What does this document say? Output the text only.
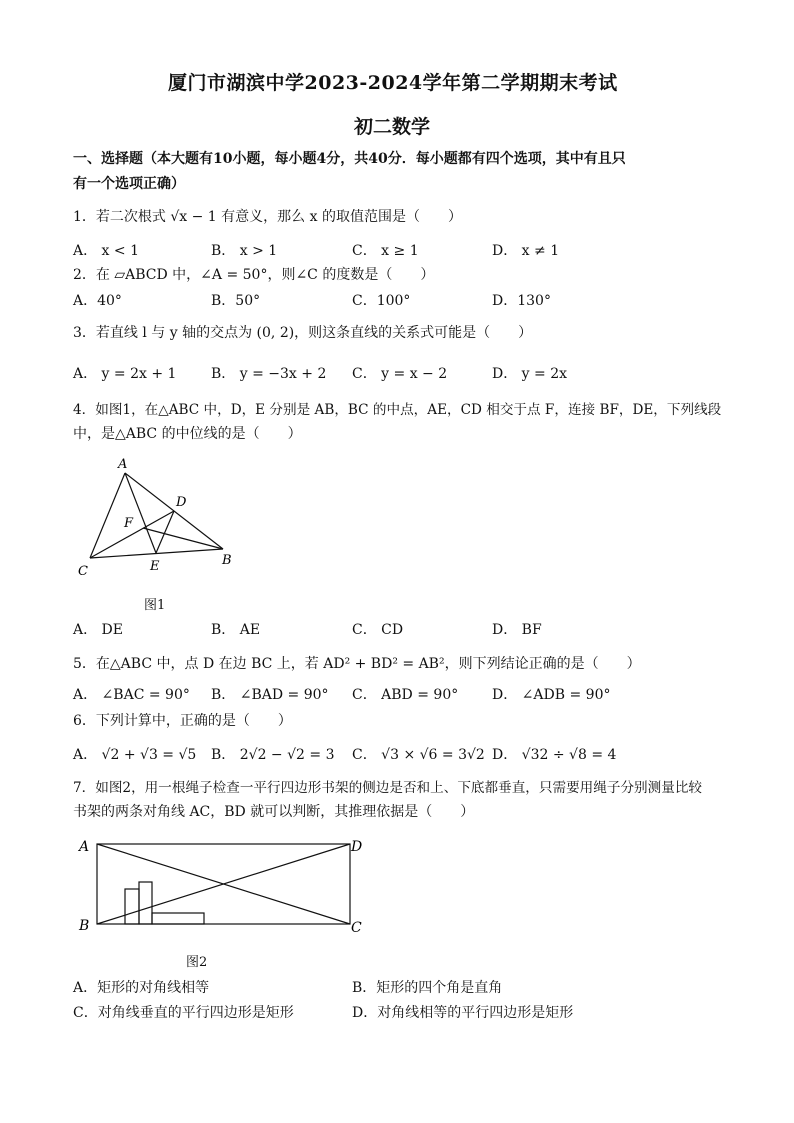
厦门市湖滨中学2023-2024学年第二学期期末考试
初二数学
一、选择题（本大题有10小题，每小题4分，共40分．每小题都有四个选项，其中有且只
有一个选项正确）
1．若二次根式 √x − 1 有意义，那么 x 的取值范围是（　　）
A． x < 1	B． x > 1	C． x ≥ 1	D． x ≠ 1
2．在 ▱ABCD 中，∠A = 50°，则∠C 的度数是（　　）
A．40°	B．50°	C．100°	D．130°
3．若直线 l 与 y 轴的交点为 (0, 2)，则这条直线的关系式可能是（　　）
A． y = 2x + 1 B． y = −3x + 2 C． y = x − 2	D． y = 2x
4．如图1，在△ABC 中，D，E 分别是 AB，BC 的中点，AE，CD 相交于点 F，连接 BF，DE，下列线段
中，是△ABC 的中位线的是（　　）
A
D
F
C	E	B
图1
A． DE	B． AE	C． CD	D． BF
5．在△ABC 中，点 D 在边 BC 上，若 AD² + BD² = AB²，则下列结论正确的是（　　）
A． ∠BAC = 90° B． ∠BAD = 90° C． ABD = 90° D． ∠ADB = 90°
6．下列计算中，正确的是（　　）
A． √2 + √3 = √5 B． 2√2 − √2 = 3 C． √3 × √6 = 3√2 D． √32 ÷ √8 = 4
7．如图2，用一根绳子检查一平行四边形书架的侧边是否和上、下底都垂直，只需要用绳子分别测量比较
书架的两条对角线 AC，BD 就可以判断，其推理依据是（　　）
A	D
B	C
图2
A．矩形的对角线相等	B．矩形的四个角是直角
C．对角线垂直的平行四边形是矩形	D．对角线相等的平行四边形是矩形
